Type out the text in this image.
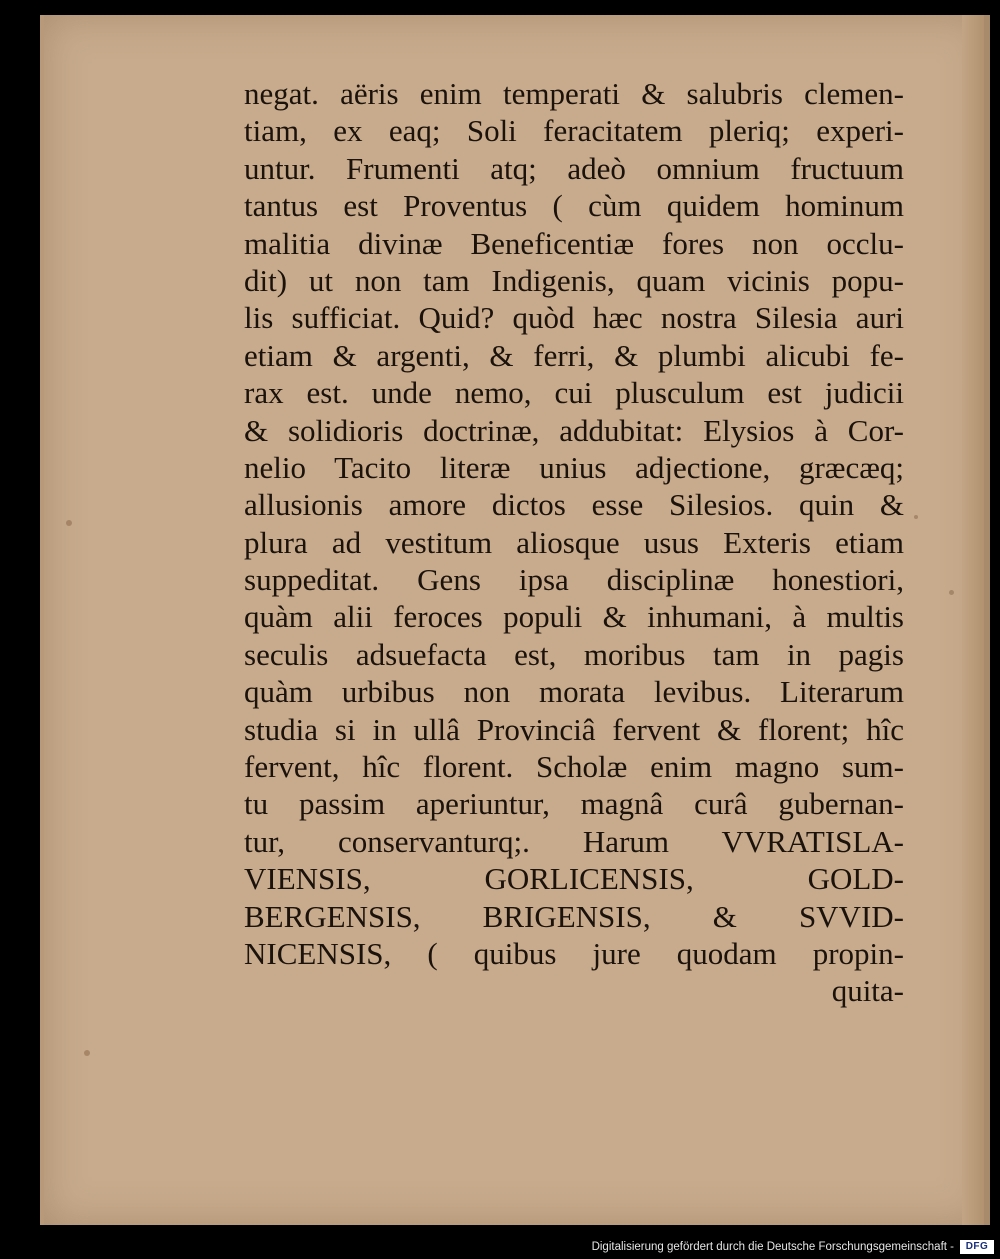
negat. aëris enim temperati & salubris clemen-
tiam, ex eaq; Soli feracitatem pleriq; experi-
untur. Frumenti atq; adeò omnium fructuum
tantus est Proventus ( cùm quidem hominum
malitia divinæ Beneficentiæ fores non occlu-
dit) ut non tam Indigenis, quam vicinis popu-
lis sufficiat. Quid? quòd hæc nostra Silesia auri
etiam & argenti, & ferri, & plumbi alicubi fe-
rax est. unde nemo, cui plusculum est judicii
& solidioris doctrinæ, addubitat: Elysios à Cor-
nelio Tacito literæ unius adjectione, græcæq;
allusionis amore dictos esse Silesios. quin &
plura ad vestitum aliosque usus Exteris etiam
suppeditat. Gens ipsa disciplinæ honestiori,
quàm alii feroces populi & inhumani, à multis
seculis adsuefacta est, moribus tam in pagis
quàm urbibus non morata levibus. Literarum
studia si in ullâ Provinciâ fervent & florent; hîc
fervent, hîc florent. Scholæ enim magno sum-
tu passim aperiuntur, magnâ curâ gubernan-
tur, conservanturq;. Harum VVRATISLA-
VIENSIS, GORLICENSIS, GOLD-
BERGENSIS, BRIGENSIS, & SVVID-
NICENSIS, ( quibus jure quodam propin-
quita-
Digitalisierung gefördert durch die Deutsche Forschungsgemeinschaft -	DFG
